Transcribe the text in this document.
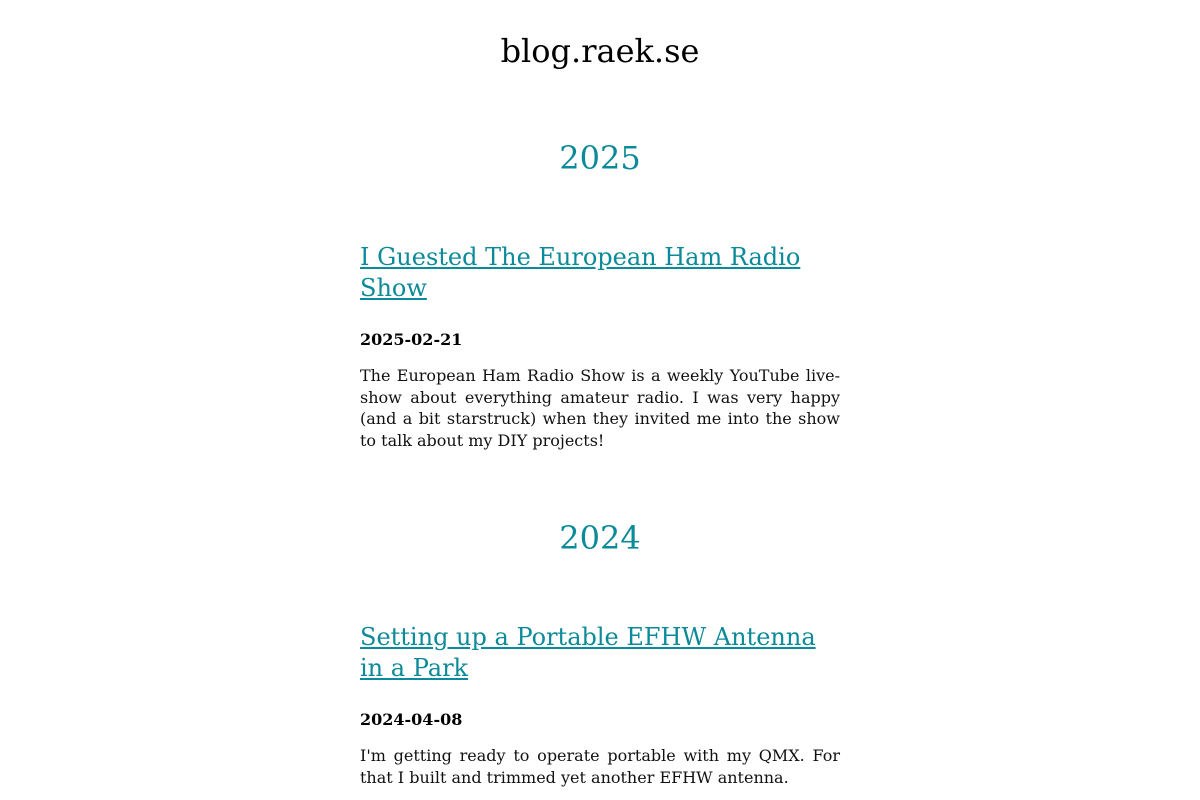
blog.raek.se
2025
I Guested The European Ham Radio Show

2025-02-21

The European Ham Radio Show is a weekly YouTube live-show about everything amateur radio. I was very happy (and a bit starstruck) when they invited me into the show to talk about my DIY projects!

2024
Setting up a Portable EFHW Antenna in a Park

2024-04-08

I'm getting ready to operate portable with my QMX. For that I built and trimmed yet another EFHW antenna.
